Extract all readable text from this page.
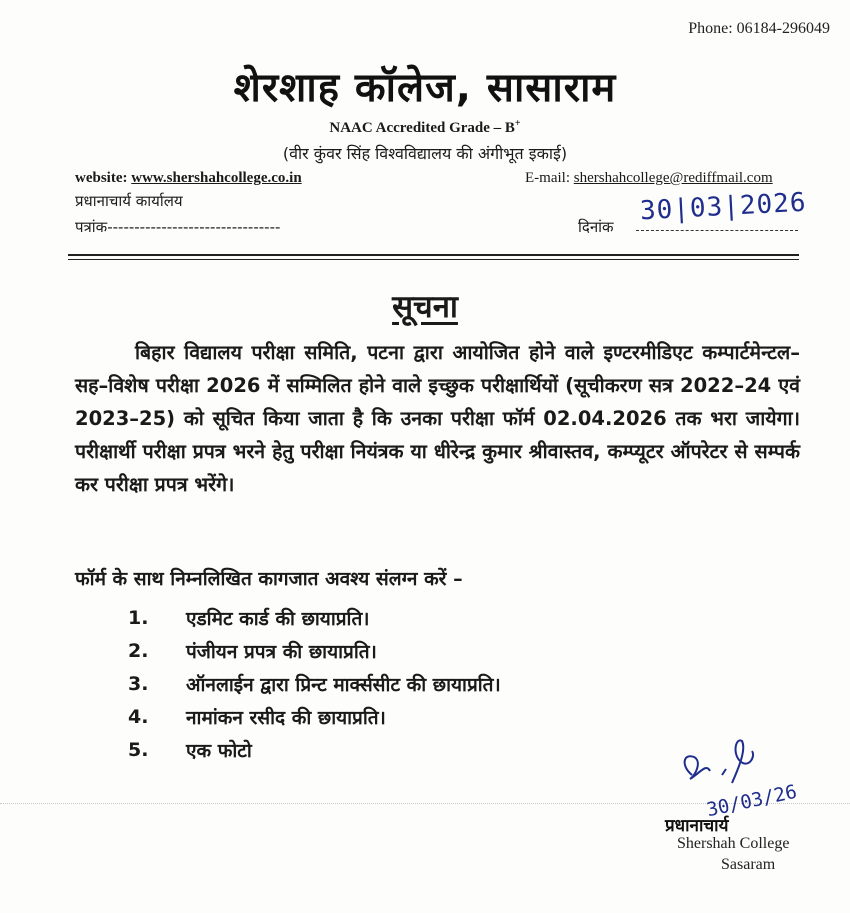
Phone: 06184-296049
शेरशाह कॉलेज, सासाराम
NAAC Accredited Grade – B+
(वीर कुंवर सिंह विश्वविद्यालय की अंगीभूत इकाई)
website: www.shershahcollege.co.in	E-mail: shershahcollege@rediffmail.com
प्रधानाचार्य कार्यालय
पत्रांक--------------------------------	दिनांक
30|03|2026
सूचना
बिहार विद्यालय परीक्षा समिति, पटना द्वारा आयोजित होने वाले इण्टरमीडिएट कम्पार्टमेन्टल–सह–विशेष परीक्षा 2026 में सम्मिलित होने वाले इच्छुक परीक्षार्थियों (सूचीकरण सत्र 2022–24 एवं 2023–25) को सूचित किया जाता है कि उनका परीक्षा फॉर्म 02.04.2026 तक भरा जायेगा। परीक्षार्थी परीक्षा प्रपत्र भरने हेतु परीक्षा नियंत्रक या धीरेन्द्र कुमार श्रीवास्तव, कम्प्यूटर ऑपरेटर से सम्पर्क कर परीक्षा प्रपत्र भरेंगे।
फॉर्म के साथ निम्नलिखित कागजात अवश्य संलग्न करें –
1.	एडमिट कार्ड की छायाप्रति।
2.	पंजीयन प्रपत्र की छायाप्रति।
3.	ऑनलाईन द्वारा प्रिन्ट मार्क्ससीट की छायाप्रति।
4.	नामांकन रसीद की छायाप्रति।
5.	एक फोटो
30/03/26
प्रधानाचार्य
Shershah College
Sasaram
